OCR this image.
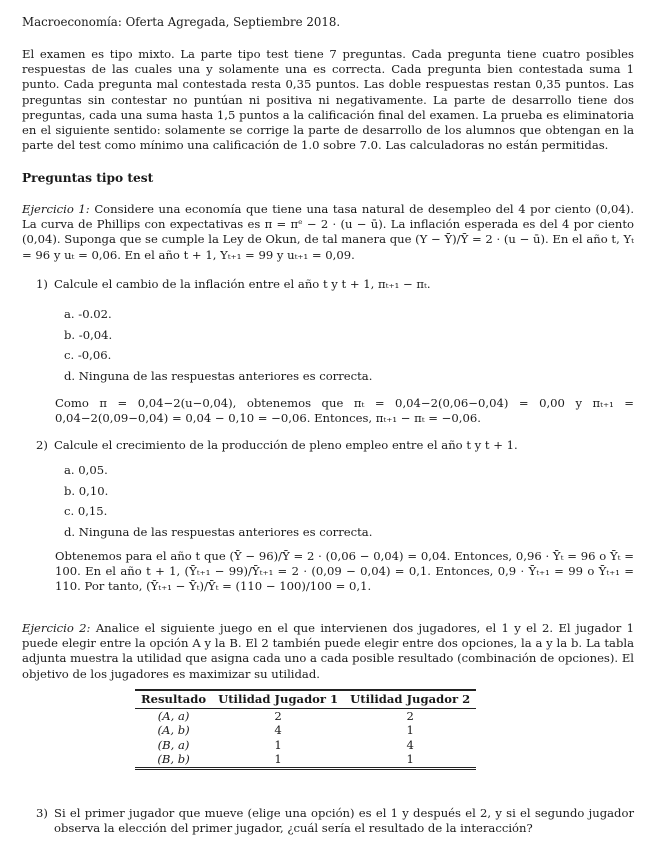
Macroeconomía: Oferta Agregada, Septiembre 2018.

El examen es tipo mixto. La parte tipo test tiene 7 preguntas. Cada pregunta tiene cuatro posibles respuestas de las cuales una y solamente una es correcta. Cada pregunta bien contestada suma 1 punto. Cada pregunta mal contestada resta 0,35 puntos. Las doble respuestas restan 0,35 puntos. Las preguntas sin contestar no puntúan ni positiva ni negativamente. La parte de desarrollo tiene dos preguntas, cada una suma hasta 1,5 puntos a la calificación final del examen. La prueba es eliminatoria en el siguiente sentido: solamente se corrige la parte de desarrollo de los alumnos que obtengan en la parte del test como mínimo una calificación de 1.0 sobre 7.0. Las calculadoras no están permitidas.

Preguntas tipo test

Ejercicio 1: Considere una economía que tiene una tasa natural de desempleo del 4 por ciento (0,04). La curva de Phillips con expectativas es π = πᵉ − 2 · (u − ū). La inflación esperada es del 4 por ciento (0,04). Suponga que se cumple la Ley de Okun, de tal manera que (Y − Ȳ)/Ȳ = 2 · (u − ū). En el año t, Yₜ = 96 y uₜ = 0,06. En el año t + 1, Yₜ₊₁ = 99 y uₜ₊₁ = 0,09.

1) Calcule el cambio de la inflación entre el año t y t + 1, πₜ₊₁ − πₜ.
a. -0.02.
b. -0,04.
c. -0,06.
d. Ninguna de las respuestas anteriores es correcta.

Como π = 0,04−2(u−0,04), obtenemos que πₜ = 0,04−2(0,06−0,04) = 0,00 y πₜ₊₁ = 0,04−2(0,09−0,04) = 0,04 − 0,10 = −0,06. Entonces, πₜ₊₁ − πₜ = −0,06.

2) Calcule el crecimiento de la producción de pleno empleo entre el año t y t + 1.
a. 0,05.
b. 0,10.
c. 0,15.
d. Ninguna de las respuestas anteriores es correcta.

Obtenemos para el año t que (Ȳ − 96)/Ȳ = 2 · (0,06 − 0,04) = 0,04. Entonces, 0,96 · Ȳₜ = 96 o Ȳₜ = 100. En el año t + 1, (Ȳₜ₊₁ − 99)/Ȳₜ₊₁ = 2 · (0,09 − 0,04) = 0,1. Entonces, 0,9 · Ȳₜ₊₁ = 99 o Ȳₜ₊₁ = 110. Por tanto, (Ȳₜ₊₁ − Ȳₜ)/Ȳₜ = (110 − 100)/100 = 0,1.

Ejercicio 2: Analice el siguiente juego en el que intervienen dos jugadores, el 1 y el 2. El jugador 1 puede elegir entre la opción A y la B. El 2 también puede elegir entre dos opciones, la a y la b. La tabla adjunta muestra la utilidad que asigna cada uno a cada posible resultado (combinación de opciones). El objetivo de los jugadores es maximizar su utilidad.

Resultado	Utilidad Jugador 1	Utilidad Jugador 2
(A, a)	2	2
(A, b)	4	1
(B, a)	1	4
(B, b)	1	1
3) Si el primer jugador que mueve (elige una opción) es el 1 y después el 2, y si el segundo jugador observa la elección del primer jugador, ¿cuál sería el resultado de la interacción?
